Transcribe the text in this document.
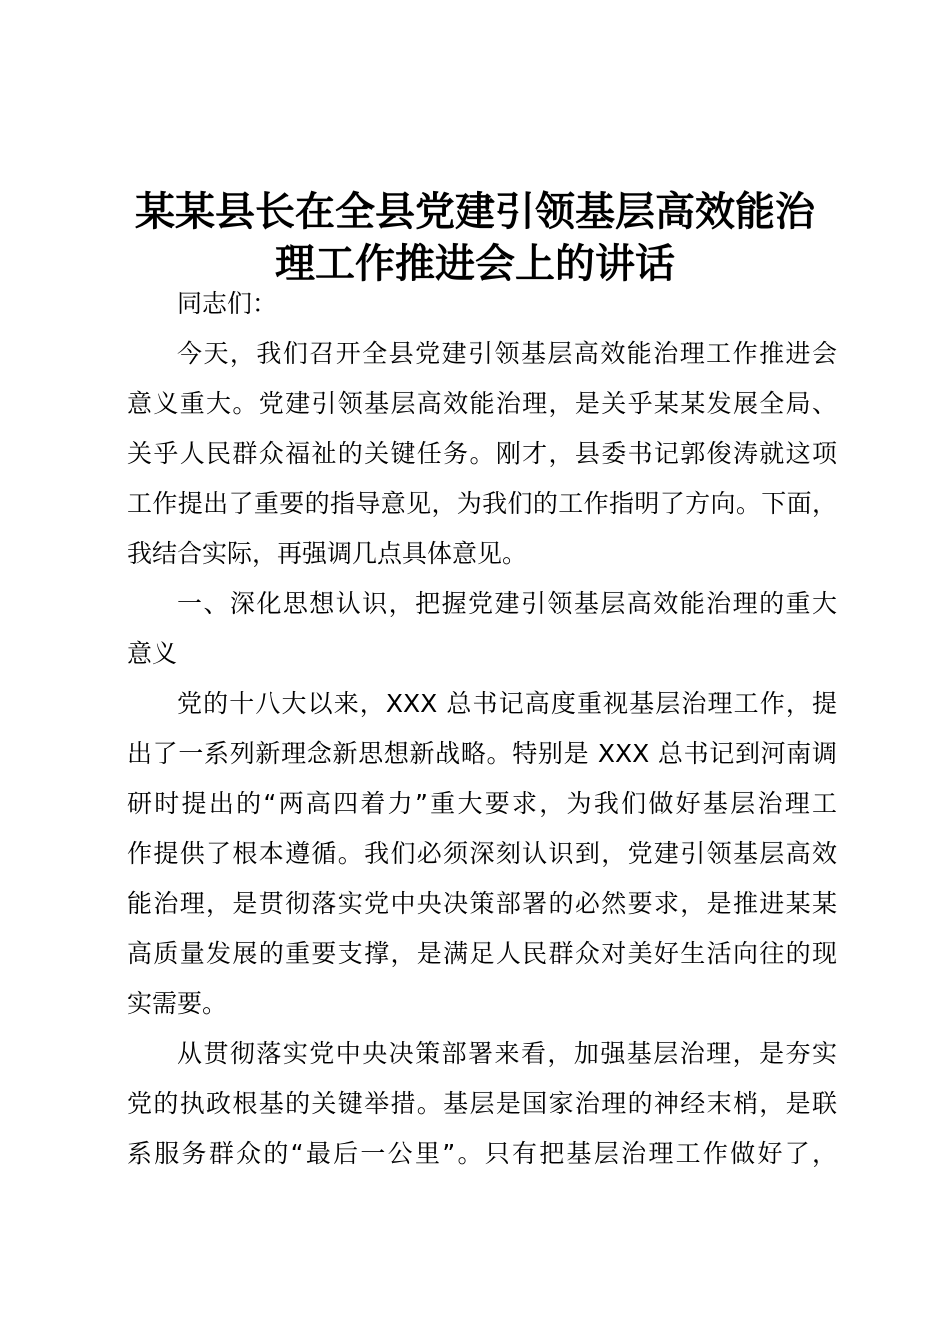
某某县长在全县党建引领基层高效能治
理工作推进会上的讲话

同志们：

今天，我们召开全县党建引领基层高效能治理工作推进会

意义重大。党建引领基层高效能治理，是关乎某某发展全局、

关乎人民群众福祉的关键任务。刚才，县委书记郭俊涛就这项

工作提出了重要的指导意见，为我们的工作指明了方向。下面，

我结合实际，再强调几点具体意见。

一、深化思想认识，把握党建引领基层高效能治理的重大

意义

党的十八大以来，XXX 总书记高度重视基层治理工作，提

出了一系列新理念新思想新战略。特别是 XXX 总书记到河南调

研时提出的“两高四着力”重大要求，为我们做好基层治理工

作提供了根本遵循。我们必须深刻认识到，党建引领基层高效

能治理，是贯彻落实党中央决策部署的必然要求，是推进某某

高质量发展的重要支撑，是满足人民群众对美好生活向往的现

实需要。

从贯彻落实党中央决策部署来看，加强基层治理，是夯实

党的执政根基的关键举措。基层是国家治理的神经末梢，是联

系服务群众的“最后一公里”。只有把基层治理工作做好了，
